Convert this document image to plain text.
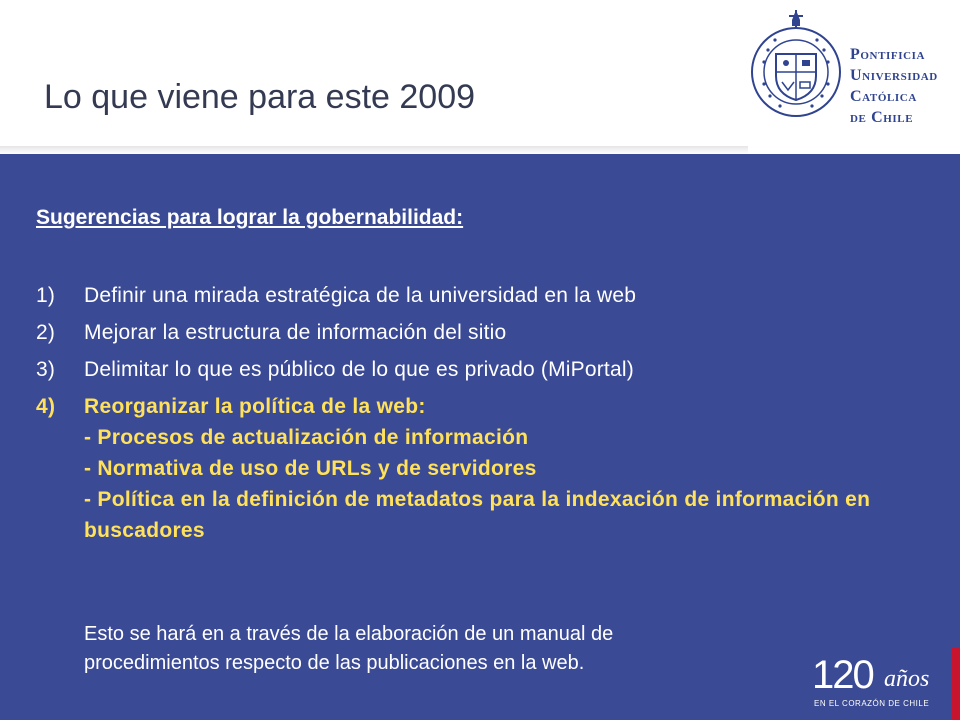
Lo que viene para este 2009
Pontificia
Universidad
Católica
de Chile

Sugerencias para lograr la gobernabilidad:

1) Definir una mirada estratégica de la universidad en la web
2) Mejorar la estructura de información del sitio
3) Delimitar lo que es público de lo que es privado (MiPortal)
4) Reorganizar la política de la web:
- Procesos de actualización de información
- Normativa de uso de URLs y de servidores
- Política en la definición de metadatos para la indexación de información en buscadores
Esto se hará en a través de la elaboración de un manual de
procedimientos respecto de las publicaciones en la web.	120 años
EN EL CORAZÓN DE CHILE
